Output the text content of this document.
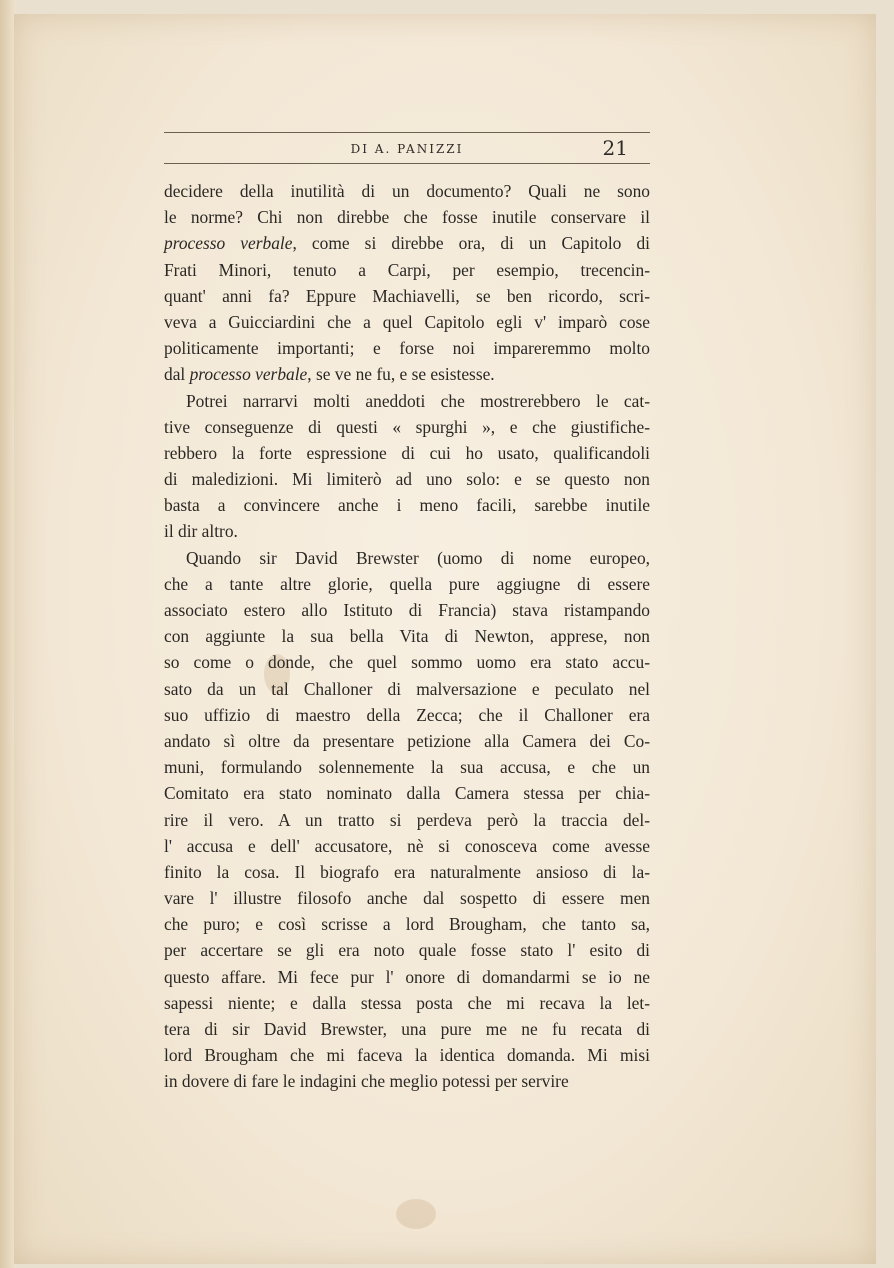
DI A. PANIZZI	21
decidere della inutilità di un documento? Quali ne sono
le norme? Chi non direbbe che fosse inutile conservare il
processo verbale, come si direbbe ora, di un Capitolo di
Frati Minori, tenuto a Carpi, per esempio, trecencin-
quant' anni fa? Eppure Machiavelli, se ben ricordo, scri-
veva a Guicciardini che a quel Capitolo egli v' imparò cose
politicamente importanti; e forse noi impareremmo molto
dal processo verbale, se ve ne fu, e se esistesse.
Potrei narrarvi molti aneddoti che mostrerebbero le cat-
tive conseguenze di questi « spurghi », e che giustifiche-
rebbero la forte espressione di cui ho usato, qualificandoli
di maledizioni. Mi limiterò ad uno solo: e se questo non
basta a convincere anche i meno facili, sarebbe inutile
il dir altro.
Quando sir David Brewster (uomo di nome europeo,
che a tante altre glorie, quella pure aggiugne di essere
associato estero allo Istituto di Francia) stava ristampando
con aggiunte la sua bella Vita di Newton, apprese, non
so come o donde, che quel sommo uomo era stato accu-
sato da un tal Challoner di malversazione e peculato nel
suo uffizio di maestro della Zecca; che il Challoner era
andato sì oltre da presentare petizione alla Camera dei Co-
muni, formulando solennemente la sua accusa, e che un
Comitato era stato nominato dalla Camera stessa per chia-
rire il vero. A un tratto si perdeva però la traccia del-
l' accusa e dell' accusatore, nè si conosceva come avesse
finito la cosa. Il biografo era naturalmente ansioso di la-
vare l' illustre filosofo anche dal sospetto di essere men
che puro; e così scrisse a lord Brougham, che tanto sa,
per accertare se gli era noto quale fosse stato l' esito di
questo affare. Mi fece pur l' onore di domandarmi se io ne
sapessi niente; e dalla stessa posta che mi recava la let-
tera di sir David Brewster, una pure me ne fu recata di
lord Brougham che mi faceva la identica domanda. Mi misi
in dovere di fare le indagini che meglio potessi per servire
